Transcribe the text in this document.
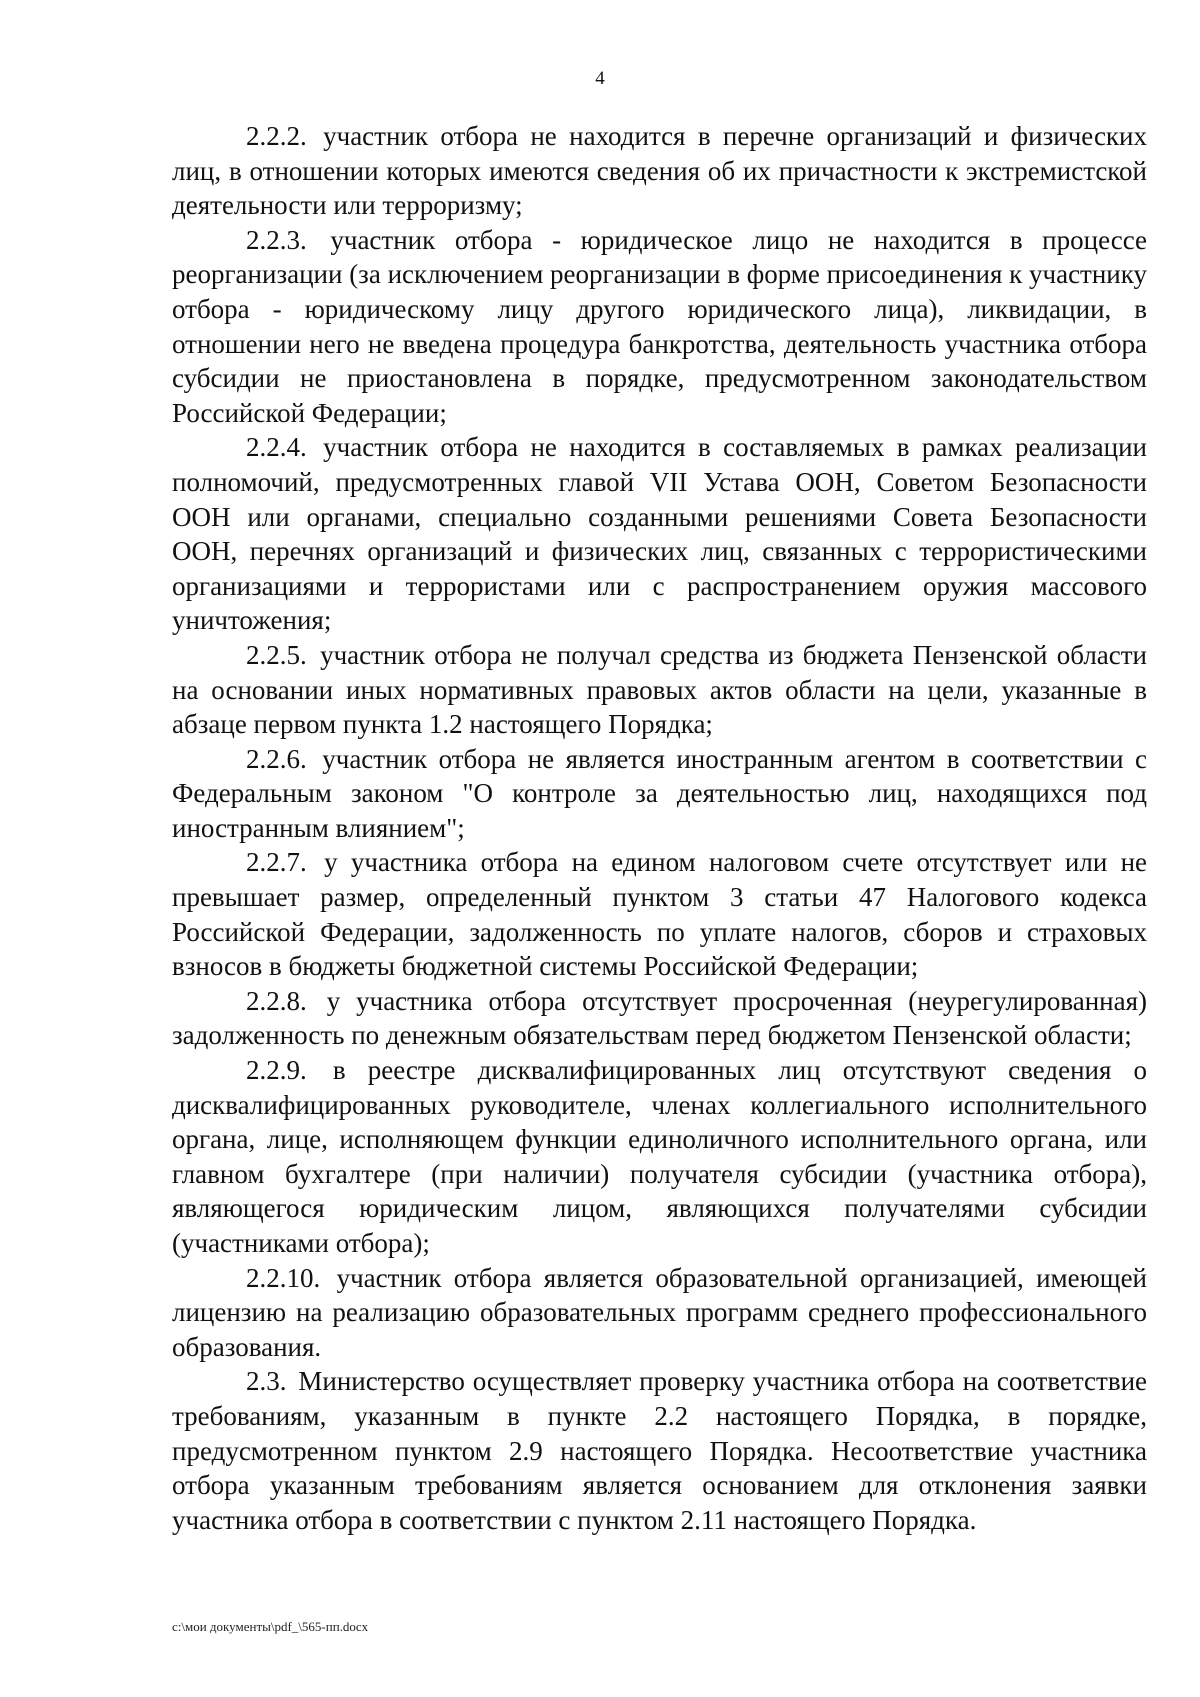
4

2.2.2. участник отбора не находится в перечне организаций и физических лиц, в отношении которых имеются сведения об их причастности к экстремистской деятельности или терроризму;

2.2.3. участник отбора - юридическое лицо не находится в процессе реорганизации (за исключением реорганизации в форме присоединения к участнику отбора - юридическому лицу другого юридического лица), ликвидации, в отношении него не введена процедура банкротства, деятельность участника отбора субсидии не приостановлена в порядке, предусмотренном законодательством Российской Федерации;

2.2.4. участник отбора не находится в составляемых в рамках реализации полномочий, предусмотренных главой VII Устава ООН, Советом Безопасности ООН или органами, специально созданными решениями Совета Безопасности ООН, перечнях организаций и физических лиц, связанных с террористическими организациями и террористами или с распространением оружия массового уничтожения;

2.2.5. участник отбора не получал средства из бюджета Пензенской области на основании иных нормативных правовых актов области на цели, указанные в абзаце первом пункта 1.2 настоящего Порядка;

2.2.6. участник отбора не является иностранным агентом в соответствии с Федеральным законом "О контроле за деятельностью лиц, находящихся под иностранным влиянием";

2.2.7. у участника отбора на едином налоговом счете отсутствует или не превышает размер, определенный пунктом 3 статьи 47 Налогового кодекса Российской Федерации, задолженность по уплате налогов, сборов и страховых взносов в бюджеты бюджетной системы Российской Федерации;

2.2.8. у участника отбора отсутствует просроченная (неурегулированная) задолженность по денежным обязательствам перед бюджетом Пензенской области;

2.2.9. в реестре дисквалифицированных лиц отсутствуют сведения о дисквалифицированных руководителе, членах коллегиального исполнительного органа, лице, исполняющем функции единоличного исполнительного органа, или главном бухгалтере (при наличии) получателя субсидии (участника отбора), являющегося юридическим лицом, являющихся получателями субсидии (участниками отбора);

2.2.10. участник отбора является образовательной организацией, имеющей лицензию на реализацию образовательных программ среднего профессионального образования.

2.3. Министерство осуществляет проверку участника отбора на соответствие требованиям, указанным в пункте 2.2 настоящего Порядка, в порядке, предусмотренном пунктом 2.9 настоящего Порядка. Несоответствие участника отбора указанным требованиям является основанием для отклонения заявки участника отбора в соответствии с пунктом 2.11 настоящего Порядка.

c:\мои документы\pdf_\565-пп.docx
